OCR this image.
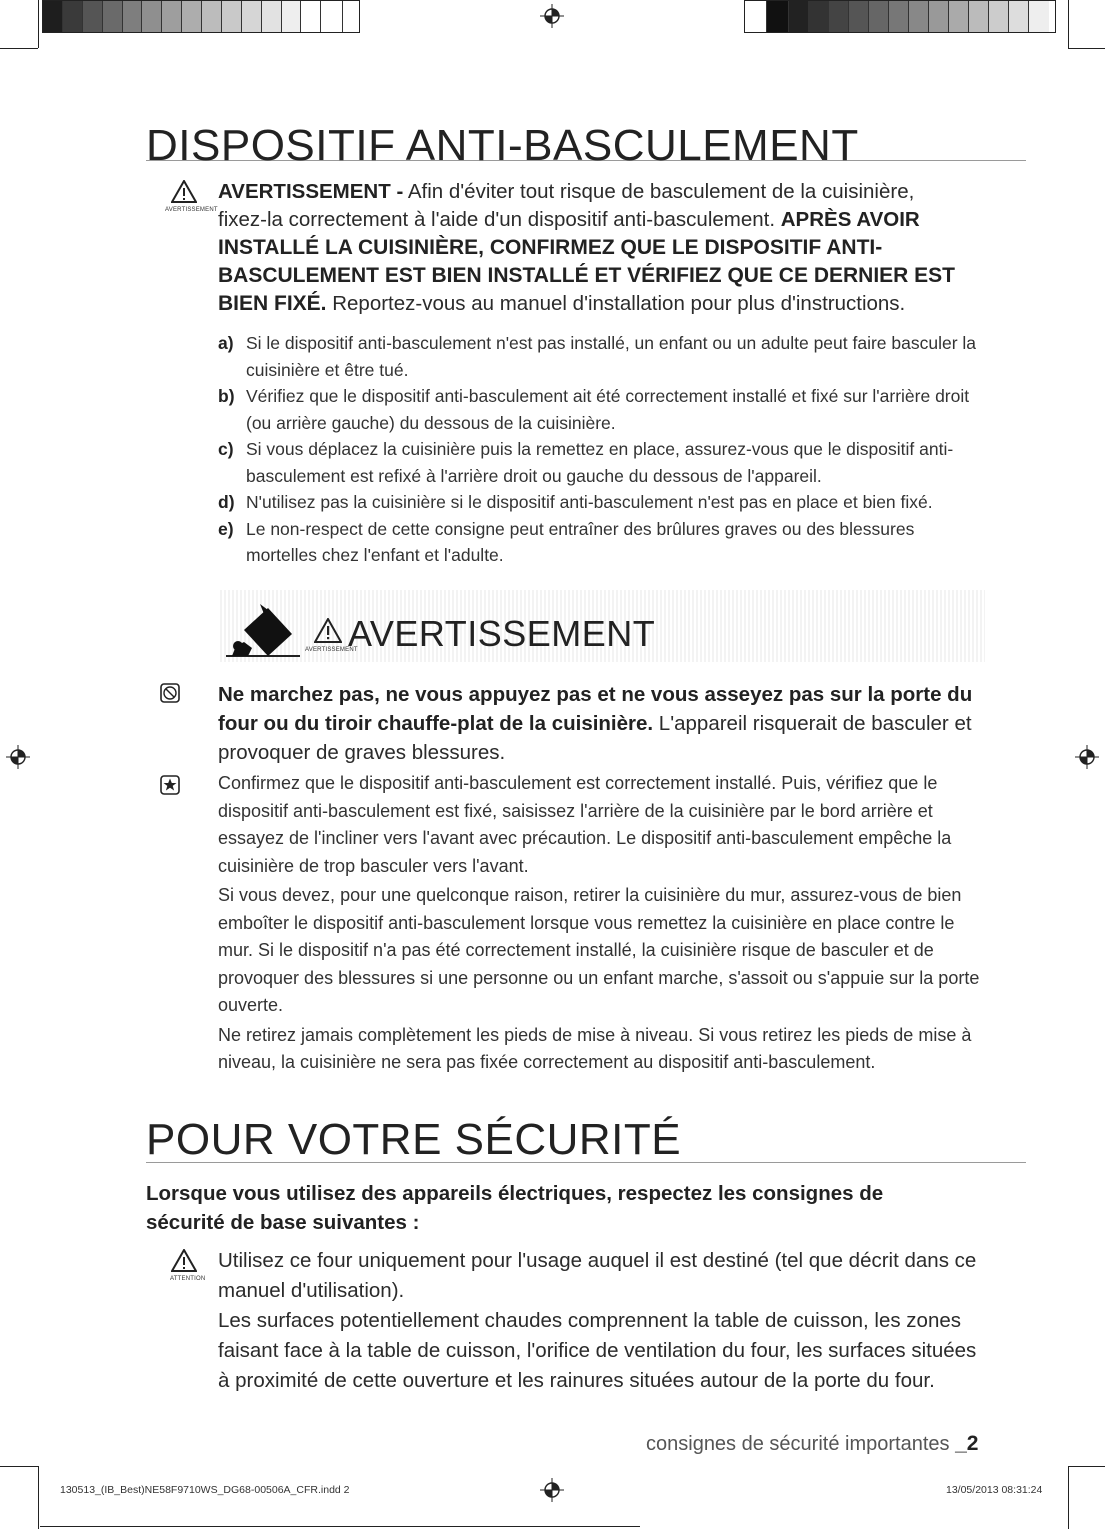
DISPOSITIF ANTI-BASCULEMENT
AVERTISSEMENT
AVERTISSEMENT - Afin d'éviter tout risque de basculement de la cuisinière,
fixez-la correctement à l'aide d'un dispositif anti-basculement. APRÈS AVOIR
INSTALLÉ LA CUISINIÈRE, CONFIRMEZ QUE LE DISPOSITIF ANTI-
BASCULEMENT EST BIEN INSTALLÉ ET VÉRIFIEZ QUE CE DERNIER EST
BIEN FIXÉ. Reportez-vous au manuel d'installation pour plus d'instructions.
a) Si le dispositif anti-basculement n'est pas installé, un enfant ou un adulte peut faire basculer la cuisinière et être tué.
b) Vérifiez que le dispositif anti-basculement ait été correctement installé et fixé sur l'arrière droit (ou arrière gauche) du dessous de la cuisinière.
c) Si vous déplacez la cuisinière puis la remettez en place, assurez-vous que le dispositif anti-basculement est refixé à l'arrière droit ou gauche du dessous de l'appareil.
d) N'utilisez pas la cuisinière si le dispositif anti-basculement n'est pas en place et bien fixé.
e) Le non-respect de cette consigne peut entraîner des brûlures graves ou des blessures mortelles chez l'enfant et l'adulte.
AVERTISSEMENT
AVERTISSEMENT
Ne marchez pas, ne vous appuyez pas et ne vous asseyez pas sur la porte du four ou du tiroir chauffe-plat de la cuisinière. L'appareil risquerait de basculer et provoquer de graves blessures.

Confirmez que le dispositif anti-basculement est correctement installé. Puis, vérifiez que le dispositif anti-basculement est fixé, saisissez l'arrière de la cuisinière par le bord arrière et essayez de l'incliner vers l'avant avec précaution. Le dispositif anti-basculement empêche la cuisinière de trop basculer vers l'avant.

Si vous devez, pour une quelconque raison, retirer la cuisinière du mur, assurez-vous de bien emboîter le dispositif anti-basculement lorsque vous remettez la cuisinière en place contre le mur. Si le dispositif n'a pas été correctement installé, la cuisinière risque de basculer et de provoquer des blessures si une personne ou un enfant marche, s'assoit ou s'appuie sur la porte ouverte.

Ne retirez jamais complètement les pieds de mise à niveau. Si vous retirez les pieds de mise à niveau, la cuisinière ne sera pas fixée correctement au dispositif anti-basculement.

POUR VOTRE SÉCURITÉ
Lorsque vous utilisez des appareils électriques, respectez les consignes de sécurité de base suivantes :
ATTENTION
Utilisez ce four uniquement pour l'usage auquel il est destiné (tel que décrit dans ce manuel d'utilisation).
Les surfaces potentiellement chaudes comprennent la table de cuisson, les zones faisant face à la table de cuisson, l'orifice de ventilation du four, les surfaces situées à proximité de cette ouverture et les rainures situées autour de la porte du four.
consignes de sécurité importantes _2
130513_(IB_Best)NE58F9710WS_DG68-00506A_CFR.indd 2	13/05/2013 08:31:24
